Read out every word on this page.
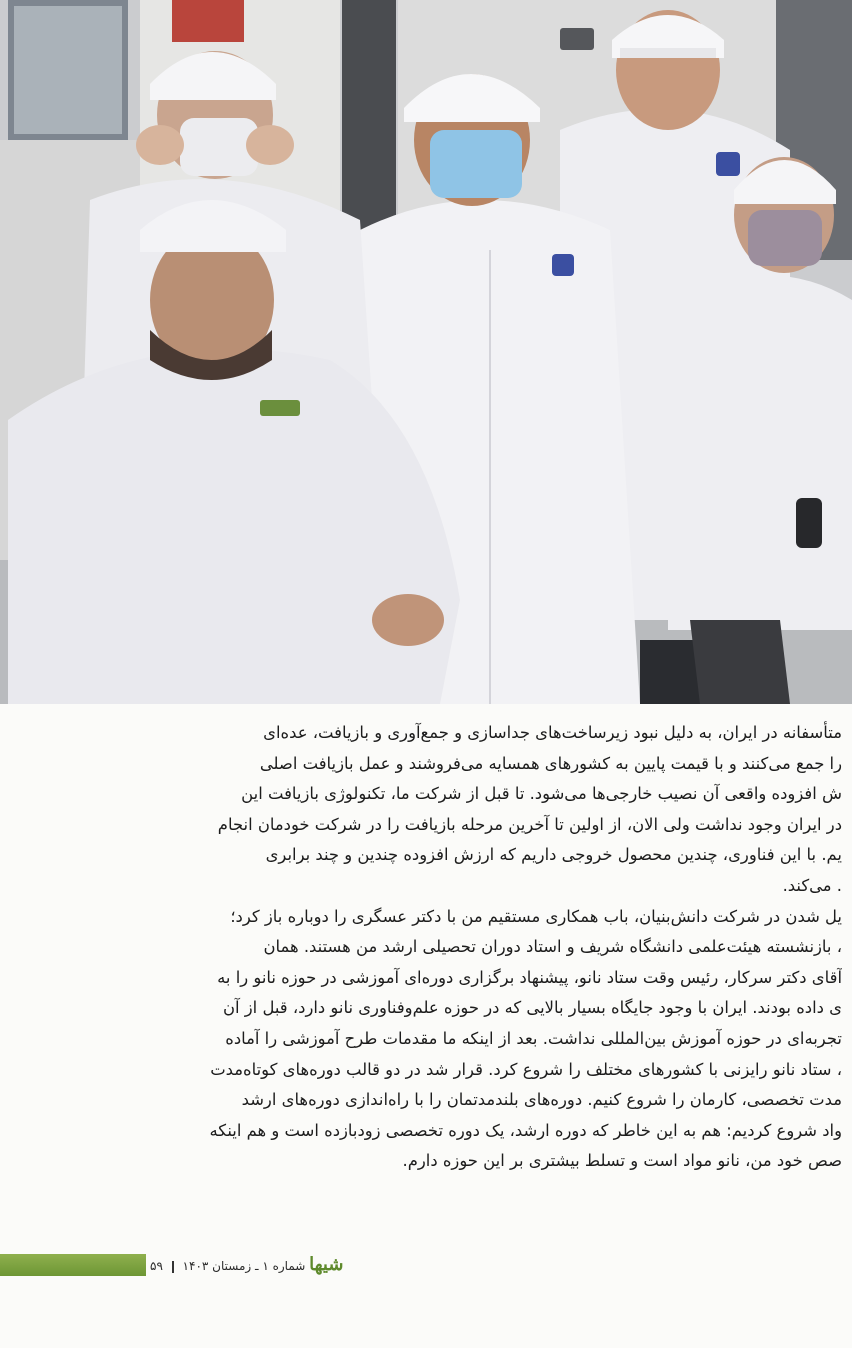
متأسفانه در ایران، به دلیل نبود زیرساخت‌های جداسازی و جمع‌آوری و بازیافت، عده‌ای
را جمع می‌کنند و با قیمت پایین به کشورهای همسایه می‌فروشند و عمل بازیافت اصلی
ش افزوده واقعی آن نصیب خارجی‌ها می‌شود. تا قبل از شرکت ما، تکنولوژی بازیافت این
در ایران وجود نداشت ولی الان، از اولین تا آخرین مرحله بازیافت را در شرکت خودمان انجام
یم. با این فناوری، چندین محصول خروجی داریم که ارزش افزوده چندین و چند برابری
. می‌کند.

یل شدن در شرکت دانش‌بنیان، باب همکاری مستقیم من با دکتر عسگری را دوباره باز کرد؛
، بازنشسته هیئت‌علمی دانشگاه شریف و استاد دوران تحصیلی ارشد من هستند. همان
آقای دکتر سرکار، رئیس وقت ستاد نانو، پیشنهاد برگزاری دوره‌ای آموزشی در حوزه نانو را به
ی داده بودند. ایران با وجود جایگاه بسیار بالایی که در حوزه علم‌وفناوری نانو دارد، قبل از آن
تجربه‌ای در حوزه آموزش بین‌المللی نداشت. بعد از اینکه ما مقدمات طرح آموزشی را آماده
، ستاد نانو رایزنی با کشورهای مختلف را شروع کرد. قرار شد در دو قالب دوره‌های کوتاه‌مدت
مدت تخصصی، کارمان را شروع کنیم. دوره‌های بلندمدتمان را با راه‌اندازی دوره‌های ارشد
واد شروع کردیم: هم به این خاطر که دوره ارشد، یک دوره تخصصی زودبازده است و هم اینکه
صص خود من، نانو مواد است و تسلط بیشتری بر این حوزه دارم.

شیها شماره ۱ ـ زمستان ۱۴۰۳  ۵۹
